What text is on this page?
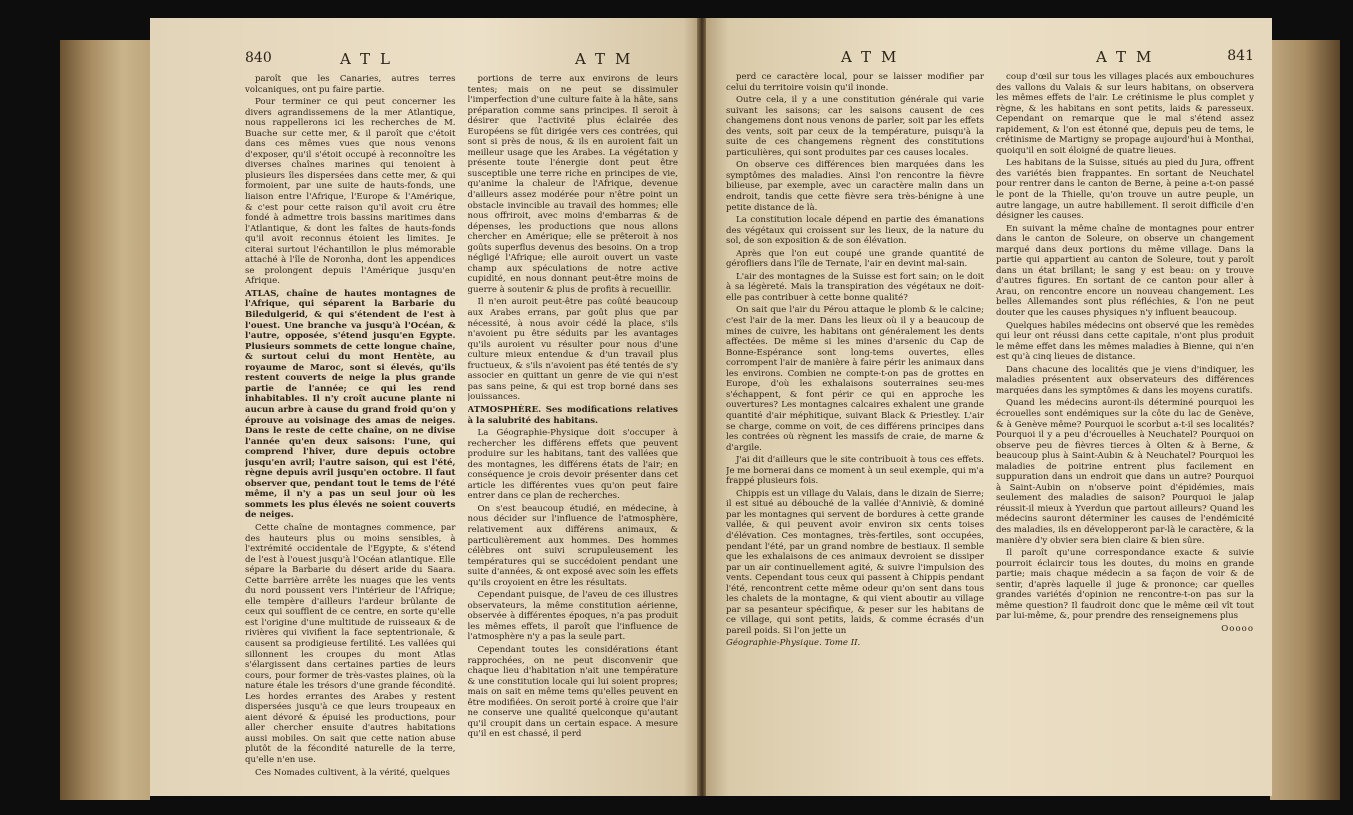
840	ATL	ATM

paroît que les Canaries, autres terres volcaniques, ont pu faire partie.

Pour terminer ce qui peut concerner les divers agrandissemens de la mer Atlantique, nous rappellerons ici les recherches de M. Buache sur cette mer, & il paroît que c'étoit dans ces mêmes vues que nous venons d'exposer, qu'il s'étoit occupé à reconnoître les diverses chaînes marines qui tenoient à plusieurs îles dispersées dans cette mer, & qui formoient, par une suite de hauts-fonds, une liaison entre l'Afrique, l'Europe & l'Amérique, & c'est pour cette raison qu'il avoit cru être fondé à admettre trois bassins maritimes dans l'Atlantique, & dont les faîtes de hauts-fonds qu'il avoit reconnus étoient les limites. Je citerai surtout l'échantillon le plus mémorable attaché à l'île de Noronha, dont les appendices se prolongent depuis l'Amérique jusqu'en Afrique.

ATLAS, chaîne de hautes montagnes de l'Afrique, qui séparent la Barbarie du Biledulgerid, & qui s'étendent de l'est à l'ouest. Une branche va jusqu'à l'Océan, & l'autre, opposée, s'étend jusqu'en Egypte. Plusieurs sommets de cette longue chaîne, & surtout celui du mont Hentète, au royaume de Maroc, sont si élevés, qu'ils restent couverts de neige la plus grande partie de l'année; ce qui les rend inhabitables. Il n'y croît aucune plante ni aucun arbre à cause du grand froid qu'on y éprouve au voisinage des amas de neiges. Dans le reste de cette chaîne, on ne divise l'année qu'en deux saisons: l'une, qui comprend l'hiver, dure depuis octobre jusqu'en avril; l'autre saison, qui est l'été, règne depuis avril jusqu'en octobre. Il faut observer que, pendant tout le tems de l'été même, il n'y a pas un seul jour où les sommets les plus élevés ne soient couverts de neiges.

Cette chaîne de montagnes commence, par des hauteurs plus ou moins sensibles, à l'extrémité occidentale de l'Egypte, & s'étend de l'est à l'ouest jusqu'à l'Océan atlantique. Elle sépare la Barbarie du désert aride du Saara. Cette barrière arrête les nuages que les vents du nord poussent vers l'intérieur de l'Afrique; elle tempère d'ailleurs l'ardeur brûlante de ceux qui soufflent de ce centre, en sorte qu'elle est l'origine d'une multitude de ruisseaux & de rivières qui vivifient la face septentrionale, & causent sa prodigieuse fertilité. Les vallées qui sillonnent les croupes du mont Atlas s'élargissent dans certaines parties de leurs cours, pour former de très-vastes plaines, où la nature étale les trésors d'une grande fécondité. Les hordes errantes des Arabes y restent dispersées jusqu'à ce que leurs troupeaux en aient dévoré & épuisé les productions, pour aller chercher ensuite d'autres habitations aussi mobiles. On sait que cette nation abuse plutôt de la fécondité naturelle de la terre, qu'elle n'en use.

Ces Nomades cultivent, à la vérité, quelques

portions de terre aux environs de leurs tentes; mais on ne peut se dissimuler l'imperfection d'une culture faite à la hâte, sans préparation comme sans principes. Il seroit à désirer que l'activité plus éclairée des Européens se fût dirigée vers ces contrées, qui sont si près de nous, & ils en auroient fait un meilleur usage que les Arabes. La végétation y présente toute l'énergie dont peut être susceptible une terre riche en principes de vie, qu'anime la chaleur de l'Afrique, devenue d'ailleurs assez modérée pour n'être point un obstacle invincible au travail des hommes; elle nous offriroit, avec moins d'embarras & de dépenses, les productions que nous allons chercher en Amérique; elle se prêteroit à nos goûts superflus devenus des besoins. On a trop négligé l'Afrique; elle auroit ouvert un vaste champ aux spéculations de notre active cupidité, en nous donnant peut-être moins de guerre à soutenir & plus de profits à recueillir.

Il n'en auroit peut-être pas coûté beaucoup aux Arabes errans, par goût plus que par nécessité, à nous avoir cédé la place, s'ils n'avoient pu être séduits par les avantages qu'ils auroient vu résulter pour nous d'une culture mieux entendue & d'un travail plus fructueux, & s'ils n'avoient pas été tentés de s'y associer en quittant un genre de vie qui n'est pas sans peine, & qui est trop borné dans ses jouissances.

ATMOSPHÈRE. Ses modifications relatives à la salubrité des habitans.

La Géographie-Physique doit s'occuper à rechercher les différens effets que peuvent produire sur les habitans, tant des vallées que des montagnes, les différens états de l'air; en conséquence je crois devoir présenter dans cet article les différentes vues qu'on peut faire entrer dans ce plan de recherches.

On s'est beaucoup étudié, en médecine, à nous décider sur l'influence de l'atmosphère, relativement aux différens animaux, & particulièrement aux hommes. Des hommes célèbres ont suivi scrupuleusement les températures qui se succédoient pendant une suite d'années, & ont exposé avec soin les effets qu'ils croyoient en être les résultats.

Cependant puisque, de l'aveu de ces illustres observateurs, la même constitution aérienne, observée à différentes époques, n'a pas produit les mêmes effets, il paroît que l'influence de l'atmosphère n'y a pas la seule part.

Cependant toutes les considérations étant rapprochées, on ne peut disconvenir que chaque lieu d'habitation n'ait une température & une constitution locale qui lui soient propres; mais on sait en même tems qu'elles peuvent en être modifiées. On seroit porté à croire que l'air ne conserve une qualité quelconque qu'autant qu'il croupit dans un certain espace. A mesure qu'il en est chassé, il perd

ATM	ATM	841

perd ce caractère local, pour se laisser modifier par celui du territoire voisin qu'il inonde.

Outre cela, il y a une constitution générale qui varie suivant les saisons; car les saisons causent de ces changemens dont nous venons de parler, soit par les effets des vents, soit par ceux de la température, puisqu'à la suite de ces changemens règnent des constitutions particulières, qui sont produites par ces causes locales.

On observe ces différences bien marquées dans les symptômes des maladies. Ainsi l'on rencontre la fièvre bilieuse, par exemple, avec un caractère malin dans un endroit, tandis que cette fièvre sera très-bénigne à une petite distance de là.

La constitution locale dépend en partie des émanations des végétaux qui croissent sur les lieux, de la nature du sol, de son exposition & de son élévation.

Après que l'on eut coupé une grande quantité de gérofliers dans l'île de Ternate, l'air en devint mal-sain.

L'air des montagnes de la Suisse est fort sain; on le doit à sa légèreté. Mais la transpiration des végétaux ne doit-elle pas contribuer à cette bonne qualité?

On sait que l'air du Pérou attaque le plomb & le calcine; c'est l'air de la mer. Dans les lieux où il y a beaucoup de mines de cuivre, les habitans ont généralement les dents affectées. De même si les mines d'arsenic du Cap de Bonne-Espérance sont long-tems ouvertes, elles corrompent l'air de manière à faire périr les animaux dans les environs. Combien ne compte-t-on pas de grottes en Europe, d'où les exhalaisons souterraines seu-mes s'échappent, & font périr ce qui en approche les ouvertures? Les montagnes calcaires exhalent une grande quantité d'air méphitique, suivant Black & Priestley. L'air se charge, comme on voit, de ces différens principes dans les contrées où règnent les massifs de craie, de marne & d'argile.

J'ai dit d'ailleurs que le site contribuoit à tous ces effets. Je me bornerai dans ce moment à un seul exemple, qui m'a frappé plusieurs fois.

Chippis est un village du Valais, dans le dizain de Sierre; il est situé au débouché de la vallée d'Anniviè, & dominé par les montagnes qui servent de bordures à cette grande vallée, & qui peuvent avoir environ six cents toises d'élévation. Ces montagnes, très-fertiles, sont occupées, pendant l'été, par un grand nombre de bestiaux. Il semble que les exhalaisons de ces animaux devroient se dissiper par un air continuellement agité, & suivre l'impulsion des vents. Cependant tous ceux qui passent à Chippis pendant l'été, rencontrent cette même odeur qu'on sent dans tous les chalets de la montagne, & qui vient aboutir au village par sa pesanteur spécifique, & peser sur les habitans de ce village, qui sont petits, laids, & comme écrasés d'un pareil poids. Si l'on jette un

Géographie-Physique. Tome II.

coup d'œil sur tous les villages placés aux embouchures des vallons du Valais & sur leurs habitans, on observera les mêmes effets de l'air. Le crétinisme le plus complet y règne, & les habitans en sont petits, laids & paresseux. Cependant on remarque que le mal s'étend assez rapidement, & l'on est étonné que, depuis peu de tems, le crétinisme de Martigny se propage aujourd'hui à Monthai, quoiqu'il en soit éloigné de quatre lieues.

Les habitans de la Suisse, situés au pied du Jura, offrent des variétés bien frappantes. En sortant de Neuchatel pour rentrer dans le canton de Berne, à peine a-t-on passé le pont de la Thielle, qu'on trouve un autre peuple, un autre langage, un autre habillement. Il seroit difficile d'en désigner les causes.

En suivant la même chaîne de montagnes pour entrer dans le canton de Soleure, on observe un changement marqué dans deux portions du même village. Dans la partie qui appartient au canton de Soleure, tout y paroît dans un état brillant; le sang y est beau: on y trouve d'autres figures. En sortant de ce canton pour aller à Arau, on rencontre encore un nouveau changement. Les belles Allemandes sont plus réfléchies, & l'on ne peut douter que les causes physiques n'y influent beaucoup.

Quelques habiles médecins ont observé que les remèdes qui leur ont réussi dans cette capitale, n'ont plus produit le même effet dans les mêmes maladies à Bienne, qui n'en est qu'à cinq lieues de distance.

Dans chacune des localités que je viens d'indiquer, les maladies présentent aux observateurs des différences marquées dans les symptômes & dans les moyens curatifs.

Quand les médecins auront-ils déterminé pourquoi les écrouelles sont endémiques sur la côte du lac de Genève, & à Genève même? Pourquoi le scorbut a-t-il ses localités? Pourquoi il y a peu d'écrouelles à Neuchatel? Pourquoi on observe peu de fièvres tierces à Olten & à Berne, & beaucoup plus à Saint-Aubin & à Neuchatel? Pourquoi les maladies de poitrine entrent plus facilement en suppuration dans un endroit que dans un autre? Pourquoi à Saint-Aubin on n'observe point d'épidémies, mais seulement des maladies de saison? Pourquoi le jalap réussit-il mieux à Yverdun que partout ailleurs? Quand les médecins sauront déterminer les causes de l'endémicité des maladies, ils en développeront par-là le caractère, & la manière d'y obvier sera bien claire & bien sûre.

Il paroît qu'une correspondance exacte & suivie pourroit éclaircir tous les doutes, du moins en grande partie; mais chaque médecin a sa façon de voir & de sentir, d'après laquelle il juge & prononce; car quelles grandes variétés d'opinion ne rencontre-t-on pas sur la même question? Il faudroit donc que le même œil vît tout par lui-même, &, pour prendre des renseignemens plus

Ooooo
